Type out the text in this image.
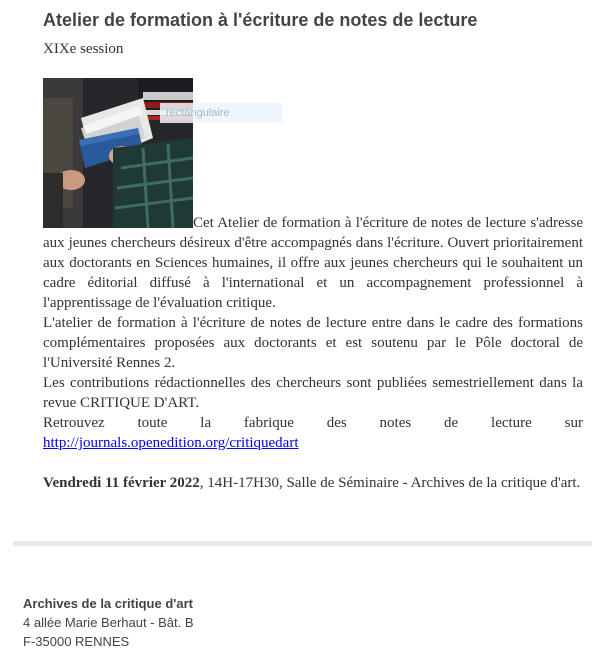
Atelier de formation à l'écriture de notes de lecture
XIXe session
rectangulaire

Cet Atelier de formation à l'écriture de notes de lecture s'adresse aux jeunes chercheurs désireux d'être accompagnés dans l'écriture. Ouvert prioritairement aux doctorants en Sciences humaines, il offre aux jeunes chercheurs qui le souhaitent un cadre éditorial diffusé à l'international et un accompagnement professionnel à l'apprentissage de l'évaluation critique.

L'atelier de formation à l'écriture de notes de lecture entre dans le cadre des formations complémentaires proposées aux doctorants et est soutenu par le Pôle doctoral de l'Université Rennes 2.

Les contributions rédactionnelles des chercheurs sont publiées semestriellement dans la revue CRITIQUE D'ART.

Retrouvez toute la fabrique des notes de lecture sur http://journals.openedition.org/critiquedart

Vendredi 11 février 2022, 14H-17H30, Salle de Séminaire - Archives de la critique d'art.

Archives de la critique d'art
4 allée Marie Berhaut - Bât. B
F-35000 RENNES
